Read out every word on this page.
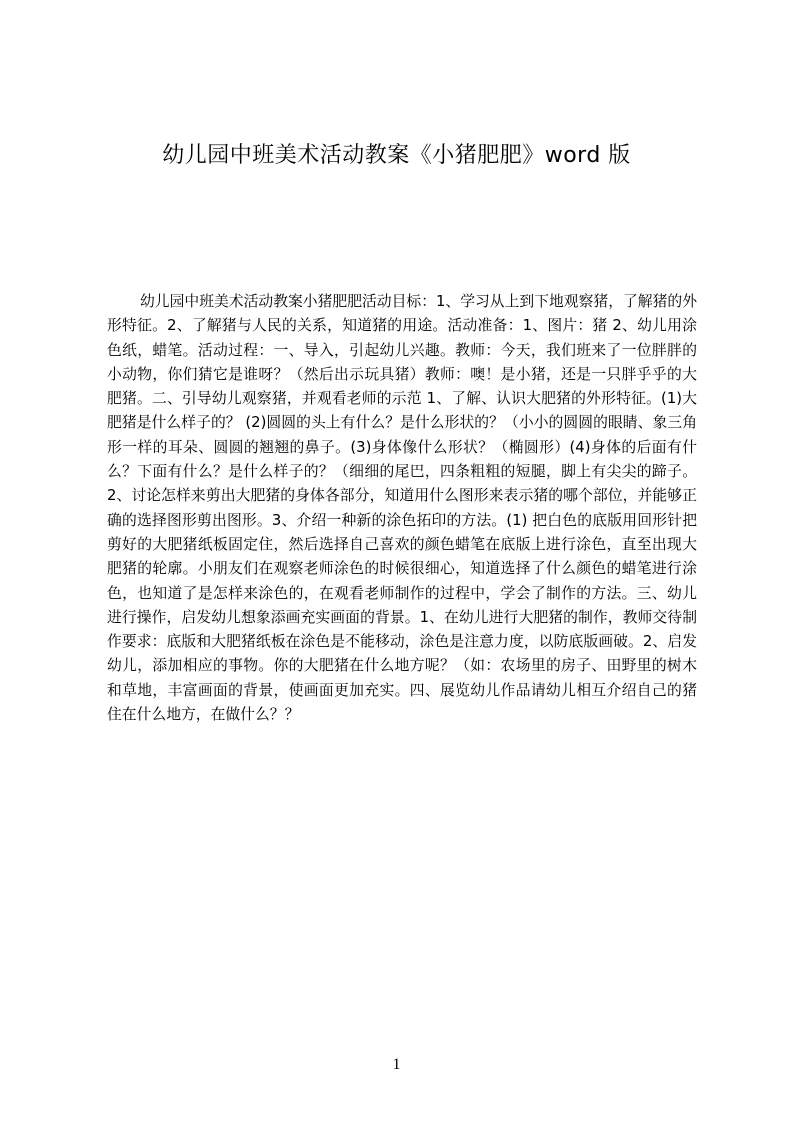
幼儿园中班美术活动教案《小猪肥肥》word 版

幼儿园中班美术活动教案小猪肥肥活动目标：1、学习从上到下地观察猪，了解猪的外形特征。2、了解猪与人民的关系，知道猪的用途。活动准备：1、图片：猪 2、幼儿用涂色纸，蜡笔。活动过程：一、导入，引起幼儿兴趣。教师：今天，我们班来了一位胖胖的小动物，你们猜它是谁呀？（然后出示玩具猪）教师：噢！是小猪，还是一只胖乎乎的大肥猪。二、引导幼儿观察猪，并观看老师的示范 1、了解、认识大肥猪的外形特征。(1)大肥猪是什么样子的？ (2)圆圆的头上有什么？是什么形状的？（小小的圆圆的眼睛、象三角形一样的耳朵、圆圆的翘翘的鼻子。(3)身体像什么形状？（椭圆形）(4)身体的后面有什么？下面有什么？是什么样子的？（细细的尾巴，四条粗粗的短腿，脚上有尖尖的蹄子。2、讨论怎样来剪出大肥猪的身体各部分，知道用什么图形来表示猪的哪个部位，并能够正确的选择图形剪出图形。3、介绍一种新的涂色拓印的方法。(1) 把白色的底版用回形针把剪好的大肥猪纸板固定住，然后选择自己喜欢的颜色蜡笔在底版上进行涂色，直至出现大肥猪的轮廓。小朋友们在观察老师涂色的时候很细心，知道选择了什么颜色的蜡笔进行涂色，也知道了是怎样来涂色的，在观看老师制作的过程中，学会了制作的方法。三、幼儿进行操作，启发幼儿想象添画充实画面的背景。1、在幼儿进行大肥猪的制作，教师交待制作要求：底版和大肥猪纸板在涂色是不能移动，涂色是注意力度，以防底版画破。2、启发幼儿，添加相应的事物。你的大肥猪在什么地方呢？（如：农场里的房子、田野里的树木和草地，丰富画面的背景，使画面更加充实。四、展览幼儿作品请幼儿相互介绍自己的猪住在什么地方，在做什么？？

1
